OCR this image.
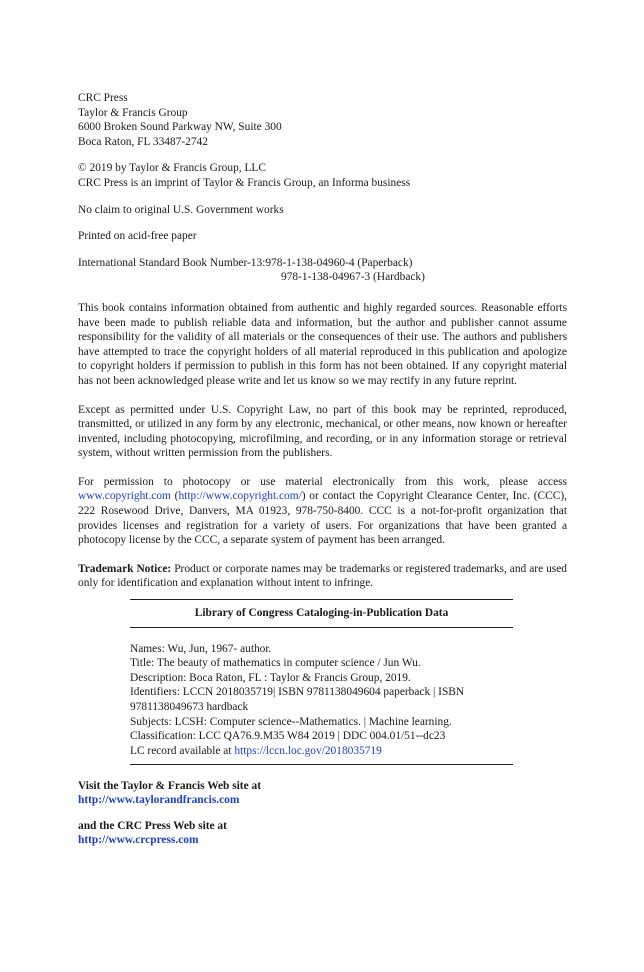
CRC Press
Taylor & Francis Group
6000 Broken Sound Parkway NW, Suite 300
Boca Raton, FL 33487-2742
© 2019 by Taylor & Francis Group, LLC
CRC Press is an imprint of Taylor & Francis Group, an Informa business
No claim to original U.S. Government works
Printed on acid-free paper
International Standard Book Number-13: 978-1-138-04960-4 (Paperback)
978-1-138-04967-3 (Hardback)

This book contains information obtained from authentic and highly regarded sources. Reasonable efforts have been made to publish reliable data and information, but the author and publisher cannot assume responsibility for the validity of all materials or the consequences of their use. The authors and publishers have attempted to trace the copyright holders of all material reproduced in this publication and apologize to copyright holders if permission to publish in this form has not been obtained. If any copyright material has not been acknowledged please write and let us know so we may rectify in any future reprint.

Except as permitted under U.S. Copyright Law, no part of this book may be reprinted, reproduced, transmitted, or utilized in any form by any electronic, mechanical, or other means, now known or hereafter invented, including photocopying, microfilming, and recording, or in any information storage or retrieval system, without written permission from the publishers.

For permission to photocopy or use material electronically from this work, please access www.copyright.com (http://www.copyright.com/) or contact the Copyright Clearance Center, Inc. (CCC), 222 Rosewood Drive, Danvers, MA 01923, 978-750-8400. CCC is a not-for-profit organization that provides licenses and registration for a variety of users. For organizations that have been granted a photocopy license by the CCC, a separate system of payment has been arranged.

Trademark Notice: Product or corporate names may be trademarks or registered trademarks, and are used only for identification and explanation without intent to infringe.

Library of Congress Cataloging-in-Publication Data
Names: Wu, Jun, 1967- author.
Title: The beauty of mathematics in computer science / Jun Wu.
Description: Boca Raton, FL : Taylor & Francis Group, 2019.
Identifiers: LCCN 2018035719| ISBN 9781138049604 paperback | ISBN
9781138049673 hardback
Subjects: LCSH: Computer science--Mathematics. | Machine learning.
Classification: LCC QA76.9.M35 W84 2019 | DDC 004.01/51--dc23
LC record available at https://lccn.loc.gov/2018035719
Visit the Taylor & Francis Web site at
http://www.taylorandfrancis.com
and the CRC Press Web site at
http://www.crcpress.com
